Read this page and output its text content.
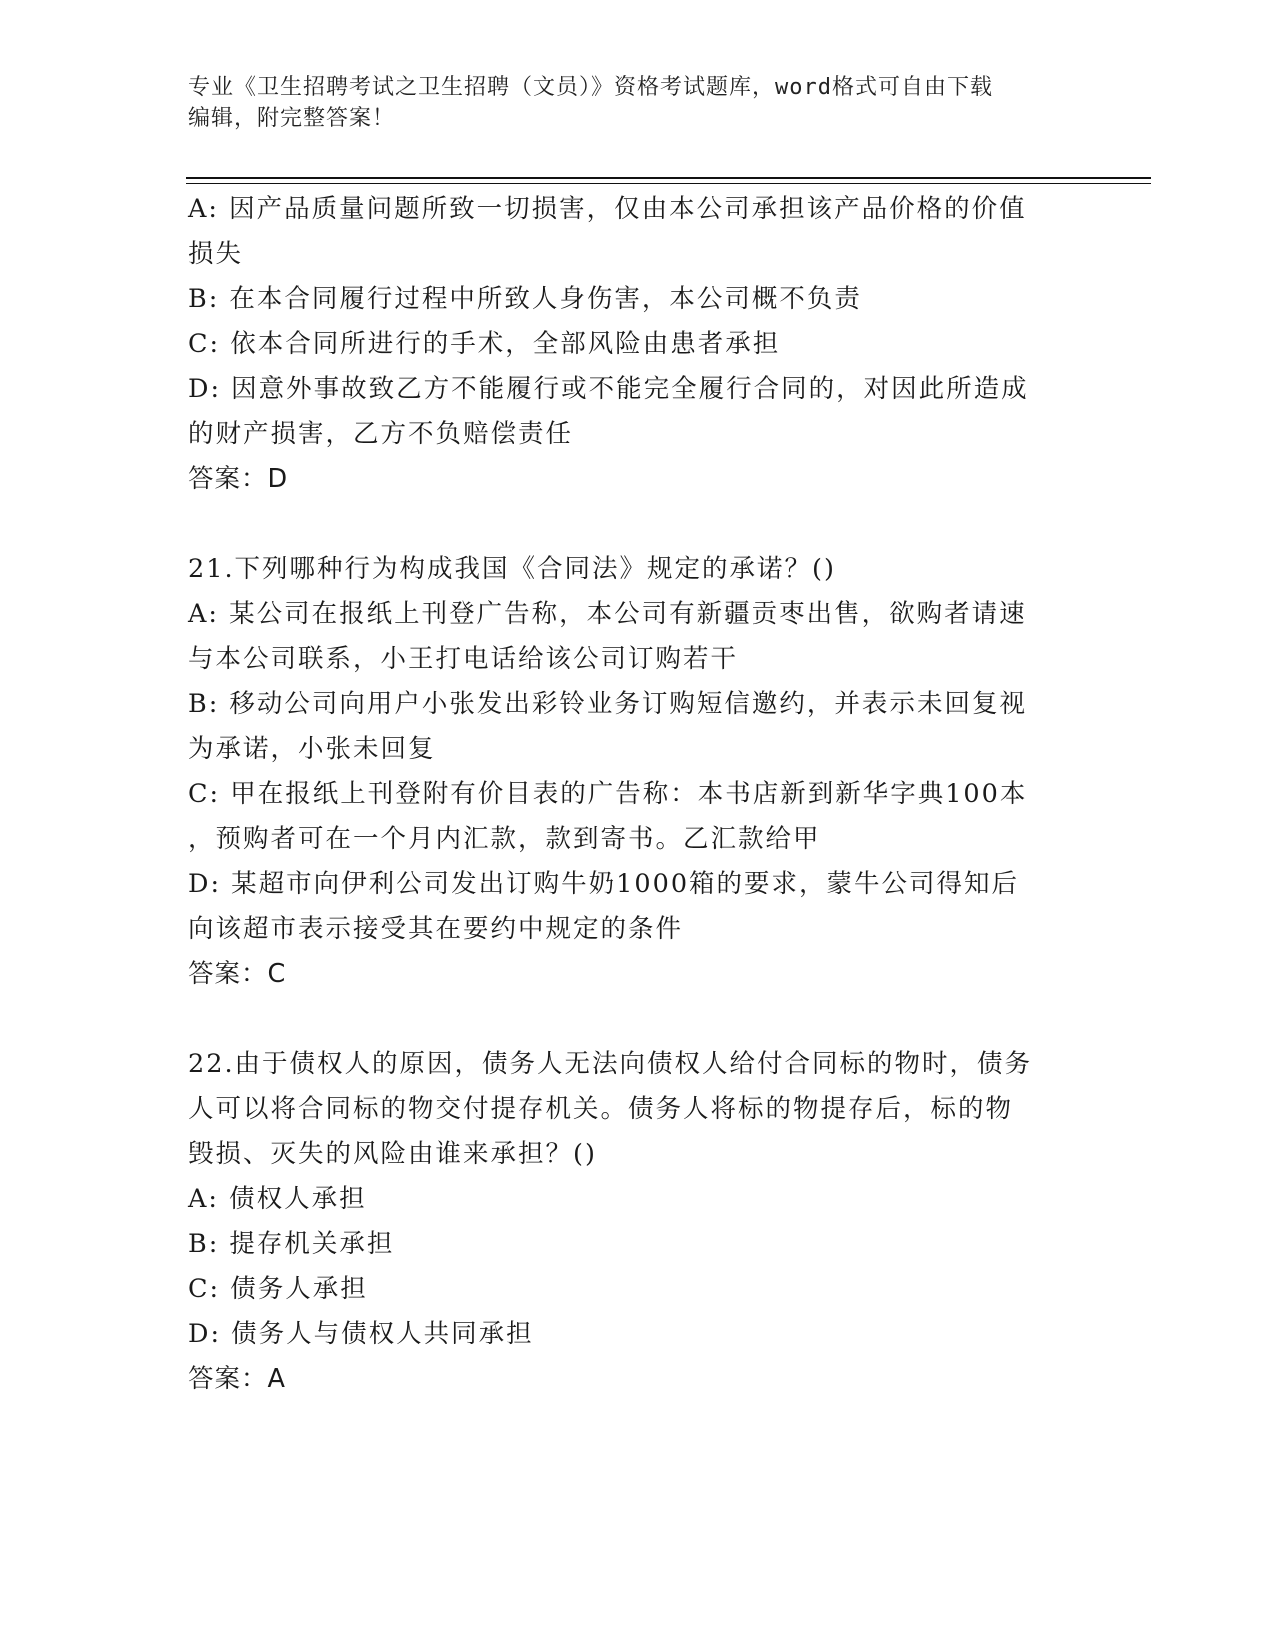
专业《卫生招聘考试之卫生招聘（文员）》资格考试题库，word格式可自由下载
编辑，附完整答案！
A: 因产品质量问题所致一切损害，仅由本公司承担该产品价格的价值
损失
B: 在本合同履行过程中所致人身伤害，本公司概不负责
C: 依本合同所进行的手术，全部风险由患者承担
D: 因意外事故致乙方不能履行或不能完全履行合同的，对因此所造成
的财产损害，乙方不负赔偿责任
答案：D
21.下列哪种行为构成我国《合同法》规定的承诺？()
A: 某公司在报纸上刊登广告称，本公司有新疆贡枣出售，欲购者请速
与本公司联系，小王打电话给该公司订购若干
B: 移动公司向用户小张发出彩铃业务订购短信邀约，并表示未回复视
为承诺，小张未回复
C: 甲在报纸上刊登附有价目表的广告称：本书店新到新华字典100本
，预购者可在一个月内汇款，款到寄书。乙汇款给甲
D: 某超市向伊利公司发出订购牛奶1000箱的要求，蒙牛公司得知后
向该超市表示接受其在要约中规定的条件
答案：C
22.由于债权人的原因，债务人无法向债权人给付合同标的物时，债务
人可以将合同标的物交付提存机关。债务人将标的物提存后，标的物
毁损、灭失的风险由谁来承担？()
A: 债权人承担
B: 提存机关承担
C: 债务人承担
D: 债务人与债权人共同承担
答案：A
